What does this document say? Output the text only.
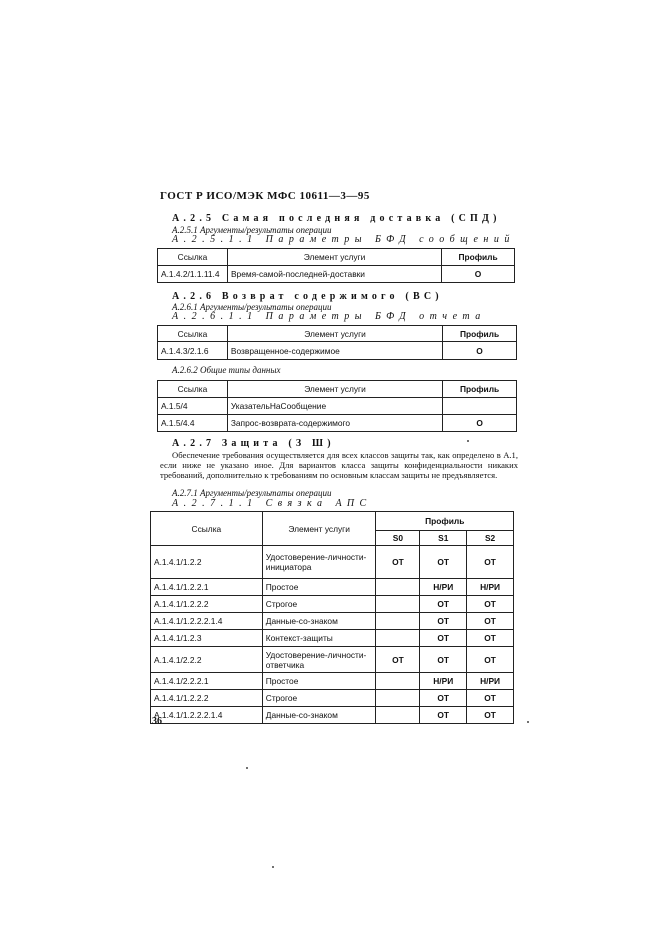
ГОСТ Р ИСО/МЭК МФС 10611—3—95
А.2.5 Самая последняя доставка (СПД)
А.2.5.1 Аргументы/результаты операции
А.2.5.1.1 Параметры БФД сообщений
Ссылка	Элемент услуги	Профиль
А.1.4.2/1.1.11.4	Время-самой-последней-доставки	О
А.2.6 Возврат содержимого (ВС)
А.2.6.1 Аргументы/результаты операции
А.2.6.1.1 Параметры БФД отчета
Ссылка	Элемент услуги	Профиль
А.1.4.3/2.1.6	Возвращенное-содержимое	О
А.2.6.2 Общие типы данных
Ссылка	Элемент услуги	Профиль
А.1.5/4	УказательНаСообщение	
А.1.5/4.4	Запрос-возврата-содержимого	О
А.2.7 Защита (З Ш)
Обеспечение требования осуществляется для всех классов защиты так, как определено в А.1, если ниже не указано иное. Для вариантов класса защиты конфиденциальности никаких требований, дополнительно к требованиям по основным классам защиты не предъявляется.
А.2.7.1 Аргументы/результаты операции
А.2.7.1.1 Связка АПС
Ссылка	Элемент услуги	Профиль		
		S0	S1	S2
А.1.4.1/1.2.2	Удостоверение-личности-инициатора	ОТ	ОТ	ОТ
А.1.4.1/1.2.2.1	Простое		Н/РИ	Н/РИ
А.1.4.1/1.2.2.2	Строгое		ОТ	ОТ
А.1.4.1/1.2.2.2.1.4	Данные-со-знаком		ОТ	ОТ
А.1.4.1/1.2.3	Контекст-защиты		ОТ	ОТ
А.1.4.1/2.2.2	Удостоверение-личности-ответчика	ОТ	ОТ	ОТ
А.1.4.1/2.2.2.1	Простое		Н/РИ	Н/РИ
А.1.4.1/1.2.2.2	Строгое		ОТ	ОТ
А.1.4.1/1.2.2.2.1.4	Данные-со-знаком		ОТ	ОТ
36
